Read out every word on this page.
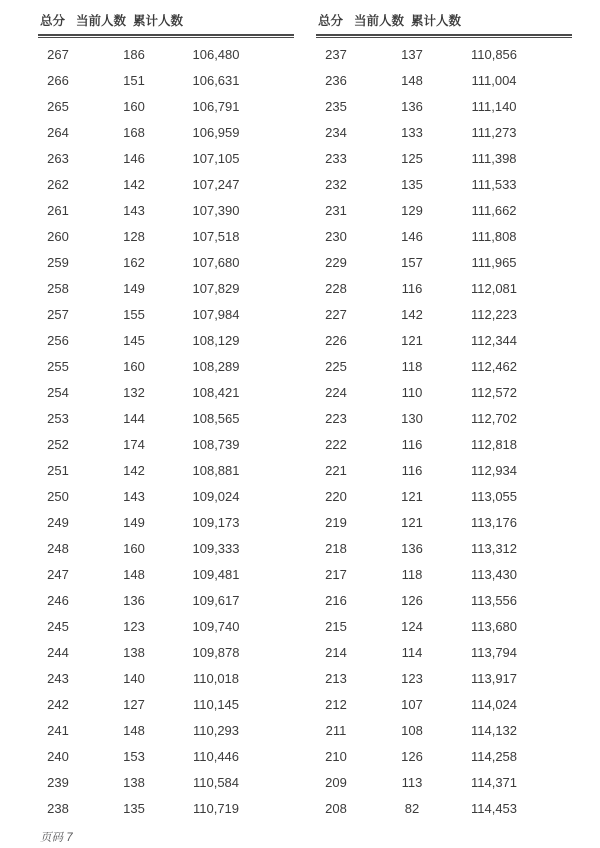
总分 当前人数 累计人数
267	186	106,480
266	151	106,631
265	160	106,791
264	168	106,959
263	146	107,105
262	142	107,247
261	143	107,390
260	128	107,518
259	162	107,680
258	149	107,829
257	155	107,984
256	145	108,129
255	160	108,289
254	132	108,421
253	144	108,565
252	174	108,739
251	142	108,881
250	143	109,024
249	149	109,173
248	160	109,333
247	148	109,481
246	136	109,617
245	123	109,740
244	138	109,878
243	140	110,018
242	127	110,145
241	148	110,293
240	153	110,446
239	138	110,584
238	135	110,719
总分 当前人数 累计人数
237	137	110,856
236	148	111,004
235	136	111,140
234	133	111,273
233	125	111,398
232	135	111,533
231	129	111,662
230	146	111,808
229	157	111,965
228	116	112,081
227	142	112,223
226	121	112,344
225	118	112,462
224	110	112,572
223	130	112,702
222	116	112,818
221	116	112,934
220	121	113,055
219	121	113,176
218	136	113,312
217	118	113,430
216	126	113,556
215	124	113,680
214	114	113,794
213	123	113,917
212	107	114,024
211	108	114,132
210	126	114,258
209	113	114,371
208	82	114,453
页码 7
